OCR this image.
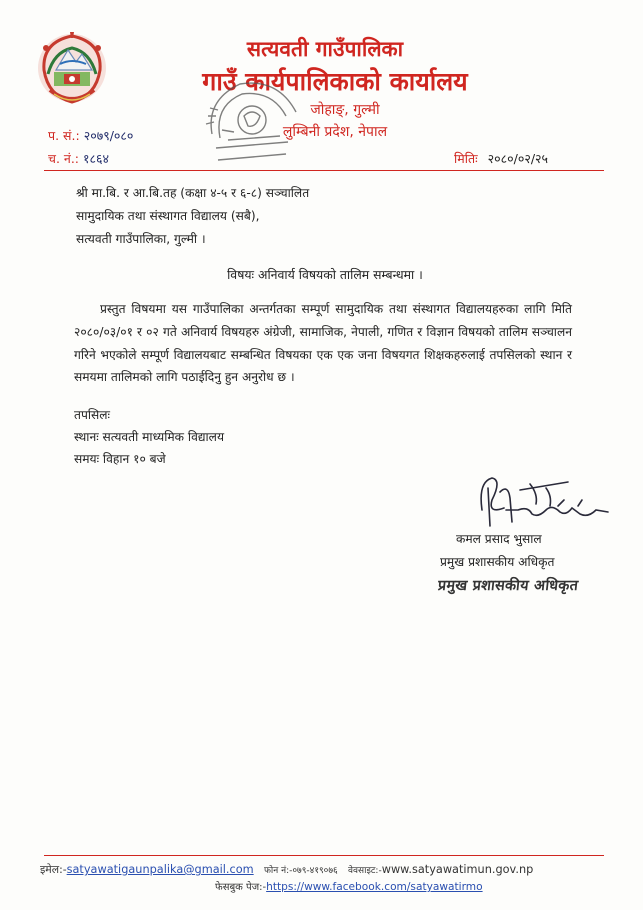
सत्यवती गाउँपालिका
गाउँ कार्यपालिकाको कार्यालय
जोहाङ्, गुल्मी
लुम्बिनी प्रदेश, नेपाल
प. सं.: २०७९/०८०
च. नं.: १८६४	मितिः २०८०/०२/२५
श्री मा.बि. र आ.बि.तह (कक्षा ४-५ र ६-८) सञ्चालित
सामुदायिक तथा संस्थागत विद्यालय (सबै),
सत्यवती गाउँपालिका, गुल्मी ।
विषयः अनिवार्य विषयको तालिम सम्बन्धमा ।
प्रस्तुत विषयमा यस गाउँपालिका अन्तर्गतका सम्पूर्ण सामुदायिक तथा संस्थागत विद्यालयहरुका लागि मिति २०८०/०३/०१ र ०२ गते अनिवार्य विषयहरु अंग्रेजी, सामाजिक, नेपाली, गणित र विज्ञान विषयको तालिम सञ्चालन गरिने भएकोले सम्पूर्ण विद्यालयबाट सम्बन्धित विषयका एक एक जना विषयगत शिक्षकहरुलाई तपसिलको स्थान र समयमा तालिमको लागि पठाईदिनु हुन अनुरोध छ ।
तपसिलः
स्थानः सत्यवती माध्यमिक विद्यालय
समयः विहान १० बजे
कमल प्रसाद भुसाल
प्रमुख प्रशासकीय अधिकृत
प्रमुख प्रशासकीय अधिकृत
इमेल:-satyawatigaunpalika@gmail.com फोन नं:-०७९-४१९०७६ वेवसाइट:-www.satyawatimun.gov.np
फेसबुक पेज:-https://www.facebook.com/satyawatirmo
